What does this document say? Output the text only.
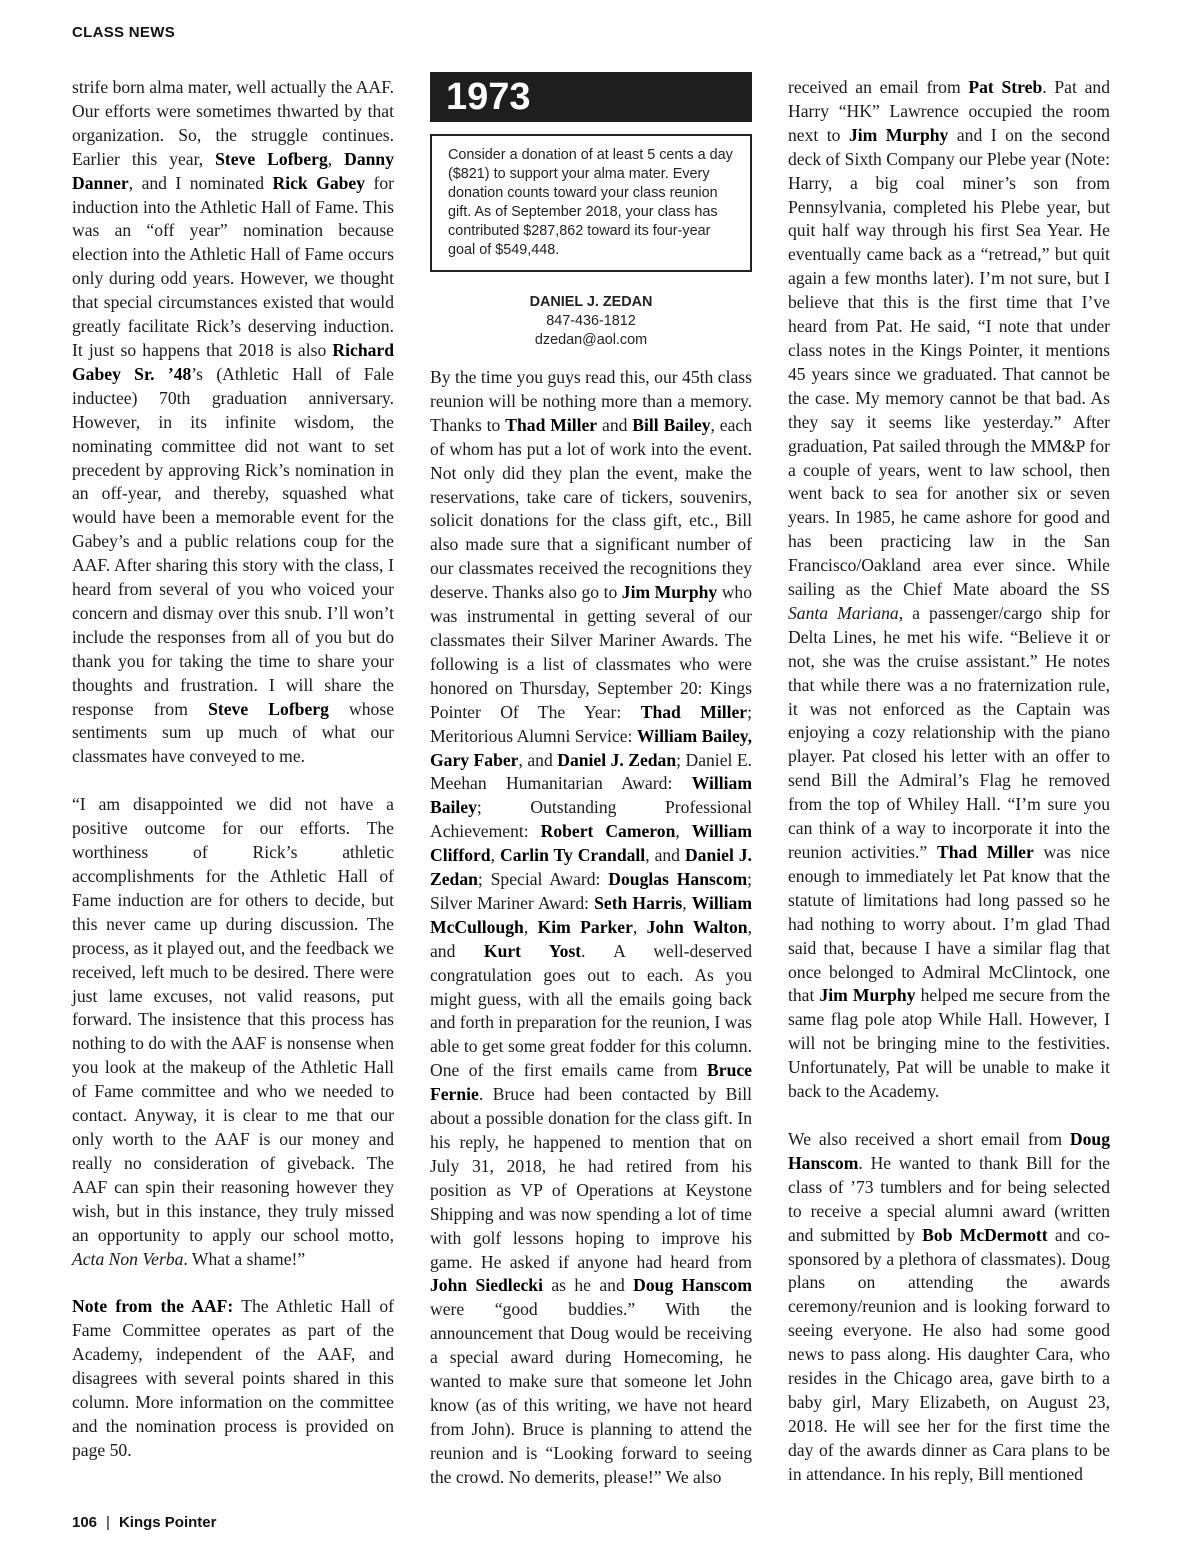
CLASS NEWS

strife born alma mater, well actually the AAF. Our efforts were sometimes thwarted by that organization. So, the struggle continues. Earlier this year, Steve Lofberg, Danny Danner, and I nominated Rick Gabey for induction into the Athletic Hall of Fame. This was an “off year” nomination because election into the Athletic Hall of Fame occurs only during odd years. However, we thought that special circumstances existed that would greatly facilitate Rick’s deserving induction. It just so happens that 2018 is also Richard Gabey Sr. ’48’s (Athletic Hall of Fale inductee) 70th graduation anniversary. However, in its infinite wisdom, the nominating committee did not want to set precedent by approving Rick’s nomination in an off-year, and thereby, squashed what would have been a memorable event for the Gabey’s and a public relations coup for the AAF. After sharing this story with the class, I heard from several of you who voiced your concern and dismay over this snub. I’ll won’t include the responses from all of you but do thank you for taking the time to share your thoughts and frustration. I will share the response from Steve Lofberg whose sentiments sum up much of what our classmates have conveyed to me.

“I am disappointed we did not have a positive outcome for our efforts. The worthiness of Rick’s athletic accomplishments for the Athletic Hall of Fame induction are for others to decide, but this never came up during discussion. The process, as it played out, and the feedback we received, left much to be desired. There were just lame excuses, not valid reasons, put forward. The insistence that this process has nothing to do with the AAF is nonsense when you look at the makeup of the Athletic Hall of Fame committee and who we needed to contact. Anyway, it is clear to me that our only worth to the AAF is our money and really no consideration of giveback. The AAF can spin their reasoning however they wish, but in this instance, they truly missed an opportunity to apply our school motto, Acta Non Verba. What a shame!”

Note from the AAF: The Athletic Hall of Fame Committee operates as part of the Academy, independent of the AAF, and disagrees with several points shared in this column. More information on the committee and the nomination process is provided on page 50.

1973
Consider a donation of at least 5 cents a day ($821) to support your alma mater. Every donation counts toward your class reunion gift. As of September 2018, your class has contributed $287,862 toward its four-year goal of $549,448.
DANIEL J. ZEDAN
847-436-1812
dzedan@aol.com

By the time you guys read this, our 45th class reunion will be nothing more than a memory. Thanks to Thad Miller and Bill Bailey, each of whom has put a lot of work into the event. Not only did they plan the event, make the reservations, take care of tickers, souvenirs, solicit donations for the class gift, etc., Bill also made sure that a significant number of our classmates received the recognitions they deserve. Thanks also go to Jim Murphy who was instrumental in getting several of our classmates their Silver Mariner Awards. The following is a list of classmates who were honored on Thursday, September 20: Kings Pointer Of The Year: Thad Miller; Meritorious Alumni Service: William Bailey, Gary Faber, and Daniel J. Zedan; Daniel E. Meehan Humanitarian Award: William Bailey; Outstanding Professional Achievement: Robert Cameron, William Clifford, Carlin Ty Crandall, and Daniel J. Zedan; Special Award: Douglas Hanscom; Silver Mariner Award: Seth Harris, William McCullough, Kim Parker, John Walton, and Kurt Yost. A well-deserved congratulation goes out to each. As you might guess, with all the emails going back and forth in preparation for the reunion, I was able to get some great fodder for this column. One of the first emails came from Bruce Fernie. Bruce had been contacted by Bill about a possible donation for the class gift. In his reply, he happened to mention that on July 31, 2018, he had retired from his position as VP of Operations at Keystone Shipping and was now spending a lot of time with golf lessons hoping to improve his game. He asked if anyone had heard from John Siedlecki as he and Doug Hanscom were “good buddies.” With the announcement that Doug would be receiving a special award during Homecoming, he wanted to make sure that someone let John know (as of this writing, we have not heard from John). Bruce is planning to attend the reunion and is “Looking forward to seeing the crowd. No demerits, please!” We also

received an email from Pat Streb. Pat and Harry “HK” Lawrence occupied the room next to Jim Murphy and I on the second deck of Sixth Company our Plebe year (Note: Harry, a big coal miner’s son from Pennsylvania, completed his Plebe year, but quit half way through his first Sea Year. He eventually came back as a “retread,” but quit again a few months later). I’m not sure, but I believe that this is the first time that I’ve heard from Pat. He said, “I note that under class notes in the Kings Pointer, it mentions 45 years since we graduated. That cannot be the case. My memory cannot be that bad. As they say it seems like yesterday.” After graduation, Pat sailed through the MM&P for a couple of years, went to law school, then went back to sea for another six or seven years. In 1985, he came ashore for good and has been practicing law in the San Francisco/Oakland area ever since. While sailing as the Chief Mate aboard the SS Santa Mariana, a passenger/cargo ship for Delta Lines, he met his wife. “Believe it or not, she was the cruise assistant.” He notes that while there was a no fraternization rule, it was not enforced as the Captain was enjoying a cozy relationship with the piano player. Pat closed his letter with an offer to send Bill the Admiral’s Flag he removed from the top of Whiley Hall. “I’m sure you can think of a way to incorporate it into the reunion activities.” Thad Miller was nice enough to immediately let Pat know that the statute of limitations had long passed so he had nothing to worry about. I’m glad Thad said that, because I have a similar flag that once belonged to Admiral McClintock, one that Jim Murphy helped me secure from the same flag pole atop While Hall. However, I will not be bringing mine to the festivities. Unfortunately, Pat will be unable to make it back to the Academy.

We also received a short email from Doug Hanscom. He wanted to thank Bill for the class of ’73 tumblers and for being selected to receive a special alumni award (written and submitted by Bob McDermott and co-sponsored by a plethora of classmates). Doug plans on attending the awards ceremony/reunion and is looking forward to seeing everyone. He also had some good news to pass along. His daughter Cara, who resides in the Chicago area, gave birth to a baby girl, Mary Elizabeth, on August 23, 2018. He will see her for the first time the day of the awards dinner as Cara plans to be in attendance. In his reply, Bill mentioned

106 | Kings Pointer
